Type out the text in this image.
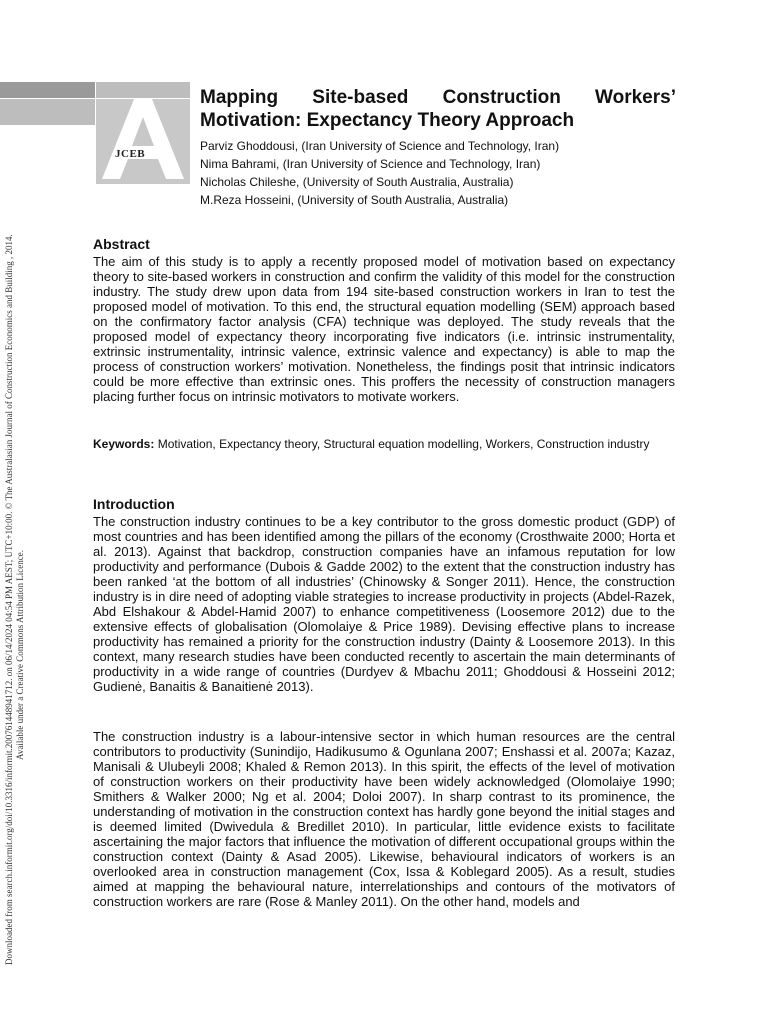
Downloaded from search.informit.org/doi/10.3316/informit.200761448941712. on 06/14/2024 04:54 PM AEST; UTC+10:00. © The Australasian Journal of Construction Economics and Building , 2014. Available under a Creative Commons Attribution Licence.
JCEB
Mapping Site-based Construction Workers’ Motivation: Expectancy Theory Approach
Parviz Ghoddousi, (Iran University of Science and Technology, Iran)
Nima Bahrami, (Iran University of Science and Technology, Iran)
Nicholas Chileshe, (University of South Australia, Australia)
M.Reza Hosseini, (University of South Australia, Australia)
Abstract
The aim of this study is to apply a recently proposed model of motivation based on expectancy theory to site-based workers in construction and confirm the validity of this model for the construction industry. The study drew upon data from 194 site-based construction workers in Iran to test the proposed model of motivation. To this end, the structural equation modelling (SEM) approach based on the confirmatory factor analysis (CFA) technique was deployed. The study reveals that the proposed model of expectancy theory incorporating five indicators (i.e. intrinsic instrumentality, extrinsic instrumentality, intrinsic valence, extrinsic valence and expectancy) is able to map the process of construction workers’ motivation. Nonetheless, the findings posit that intrinsic indicators could be more effective than extrinsic ones. This proffers the necessity of construction managers placing further focus on intrinsic motivators to motivate workers.
Keywords: Motivation, Expectancy theory, Structural equation modelling, Workers, Construction industry
Introduction
The construction industry continues to be a key contributor to the gross domestic product (GDP) of most countries and has been identified among the pillars of the economy (Crosthwaite 2000; Horta et al. 2013). Against that backdrop, construction companies have an infamous reputation for low productivity and performance (Dubois & Gadde 2002) to the extent that the construction industry has been ranked ‘at the bottom of all industries’ (Chinowsky & Songer 2011). Hence, the construction industry is in dire need of adopting viable strategies to increase productivity in projects (Abdel-Razek, Abd Elshakour & Abdel-Hamid 2007) to enhance competitiveness (Loosemore 2012) due to the extensive effects of globalisation (Olomolaiye & Price 1989). Devising effective plans to increase productivity has remained a priority for the construction industry (Dainty & Loosemore 2013). In this context, many research studies have been conducted recently to ascertain the main determinants of productivity in a wide range of countries (Durdyev & Mbachu 2011; Ghoddousi & Hosseini 2012; Gudienė, Banaitis & Banaitienė 2013).
The construction industry is a labour-intensive sector in which human resources are the central contributors to productivity (Sunindijo, Hadikusumo & Ogunlana 2007; Enshassi et al. 2007a; Kazaz, Manisali & Ulubeyli 2008; Khaled & Remon 2013). In this spirit, the effects of the level of motivation of construction workers on their productivity have been widely acknowledged (Olomolaiye 1990; Smithers & Walker 2000; Ng et al. 2004; Doloi 2007). In sharp contrast to its prominence, the understanding of motivation in the construction context has hardly gone beyond the initial stages and is deemed limited (Dwivedula & Bredillet 2010). In particular, little evidence exists to facilitate ascertaining the major factors that influence the motivation of different occupational groups within the construction context (Dainty & Asad 2005). Likewise, behavioural indicators of workers is an overlooked area in construction management (Cox, Issa & Koblegard 2005). As a result, studies aimed at mapping the behavioural nature, interrelationships and contours of the motivators of construction workers are rare (Rose & Manley 2011). On the other hand, models and
